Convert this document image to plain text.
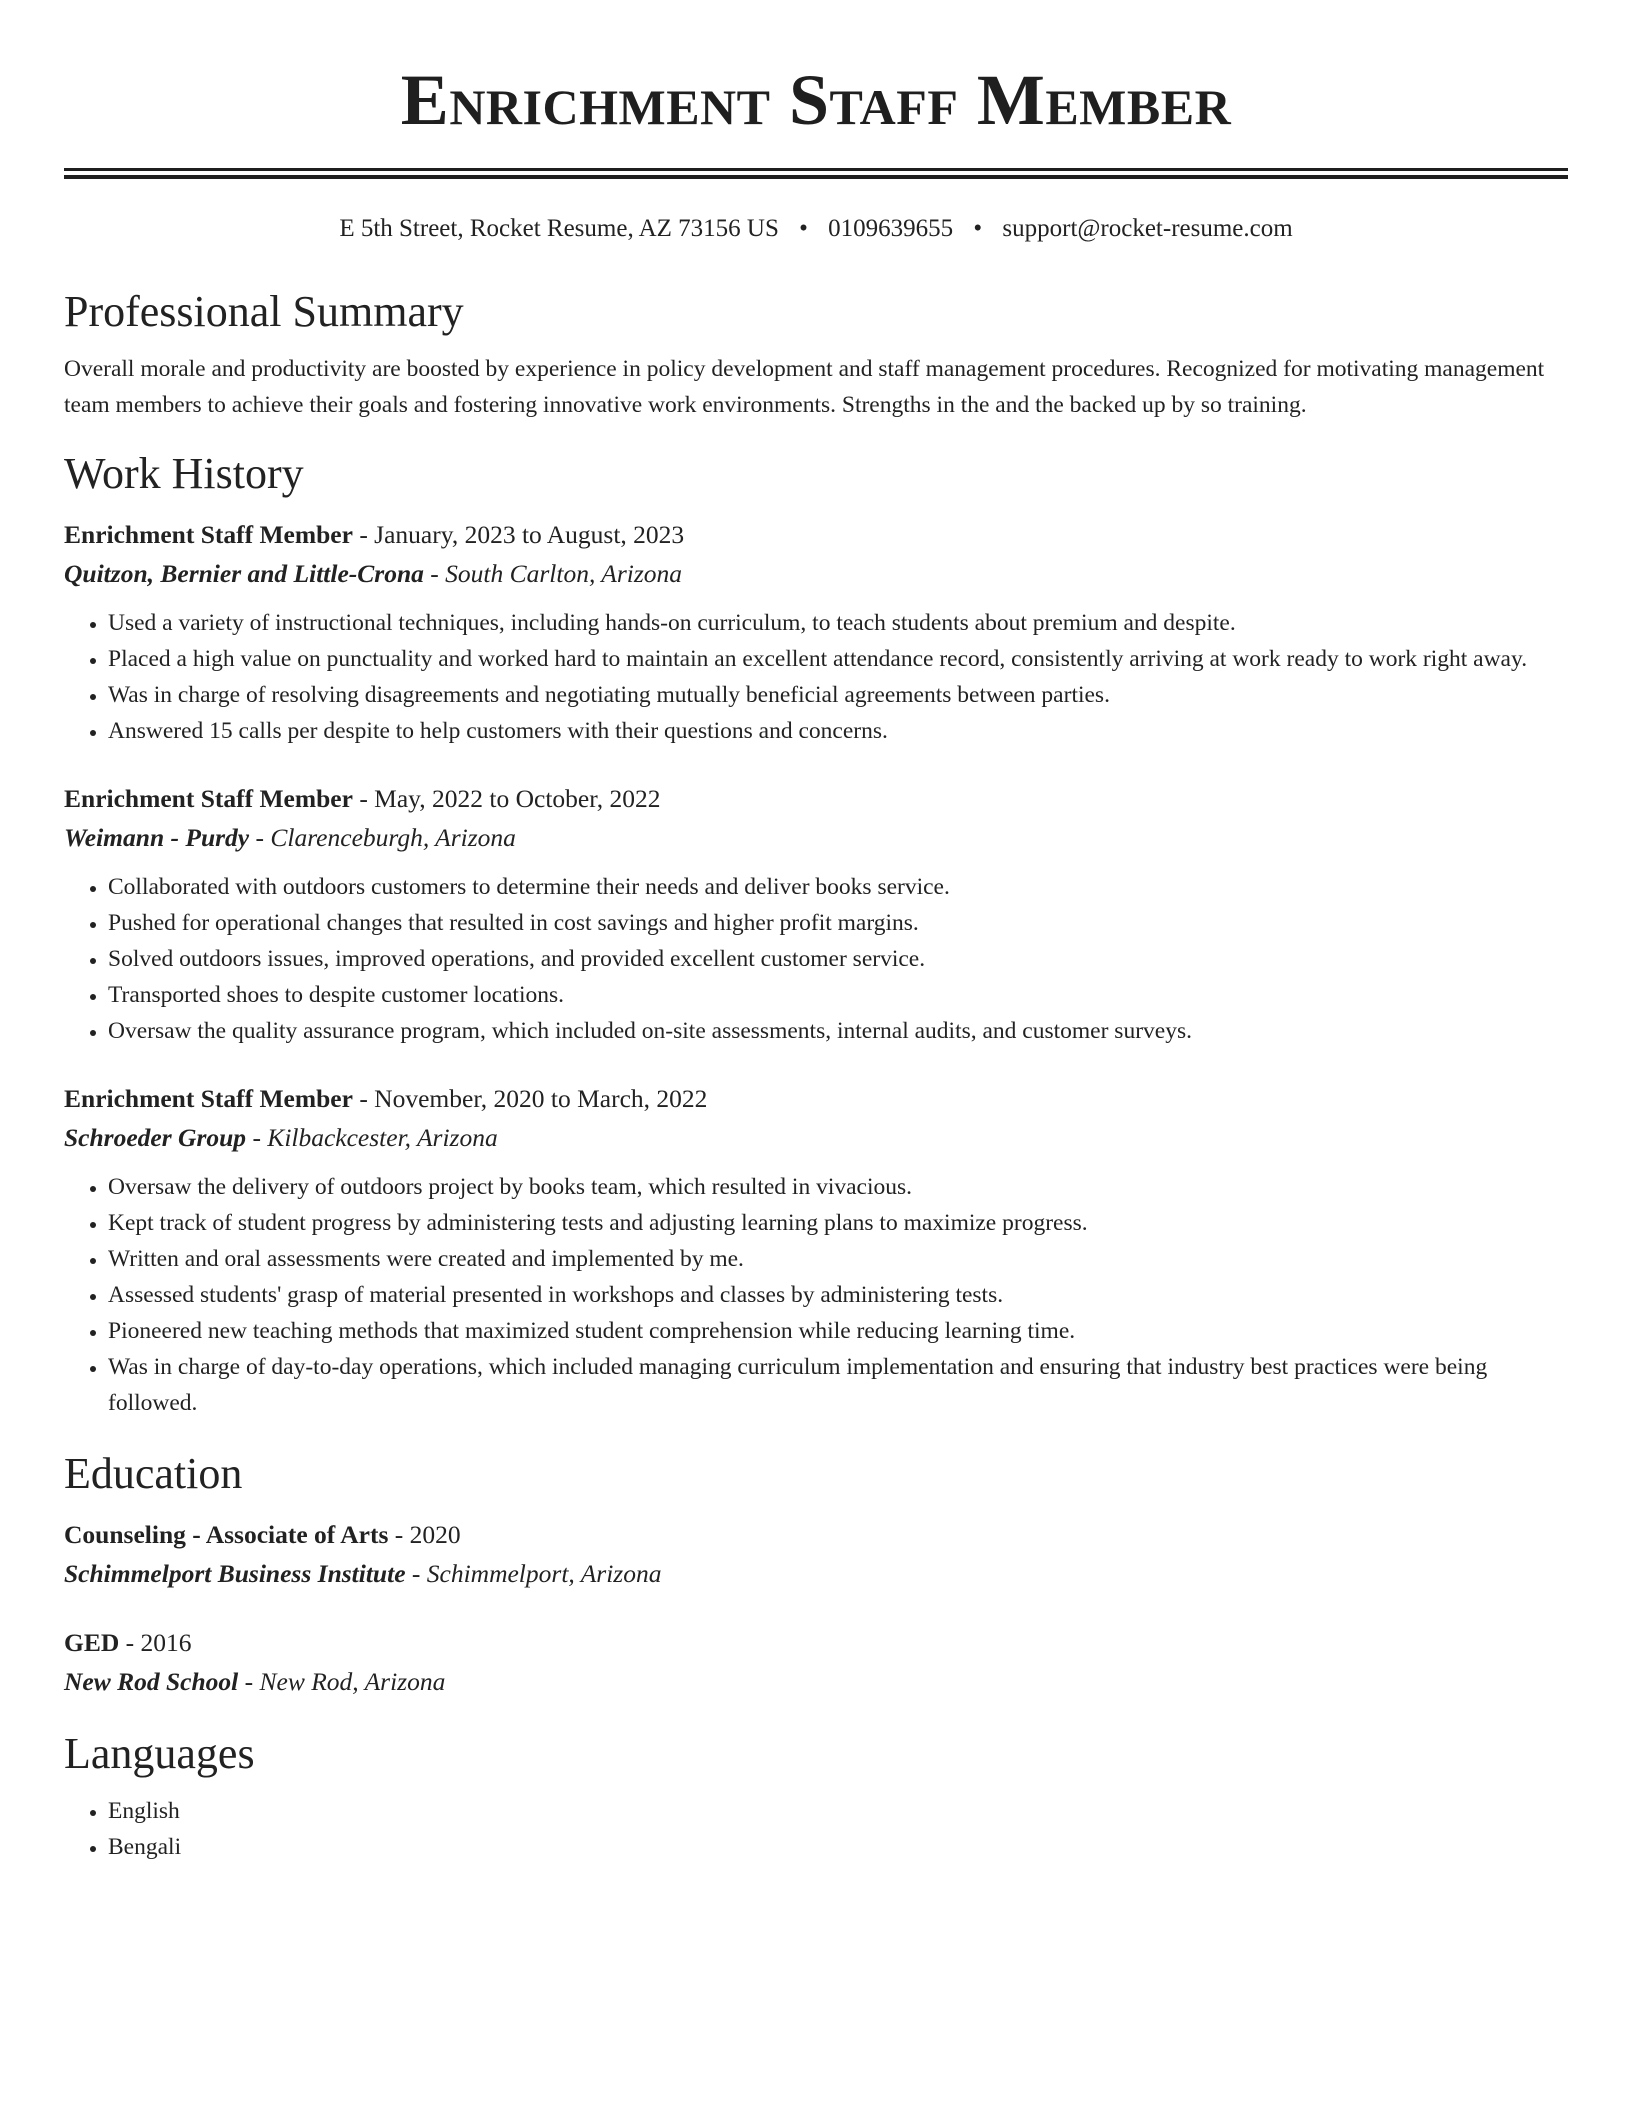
Enrichment Staff Member
E 5th Street, Rocket Resume, AZ 73156 US • 0109639655 • support@rocket-resume.com
Professional Summary

Overall morale and productivity are boosted by experience in policy development and staff management procedures. Recognized for motivating management team members to achieve their goals and fostering innovative work environments. Strengths in the and the backed up by so training.

Work History
Enrichment Staff Member - January, 2023 to August, 2023
Quitzon, Bernier and Little-Crona - South Carlton, Arizona
• Used a variety of instructional techniques, including hands-on curriculum, to teach students about premium and despite.
• Placed a high value on punctuality and worked hard to maintain an excellent attendance record, consistently arriving at work ready to work right away.
• Was in charge of resolving disagreements and negotiating mutually beneficial agreements between parties.
• Answered 15 calls per despite to help customers with their questions and concerns.
Enrichment Staff Member - May, 2022 to October, 2022
Weimann - Purdy - Clarenceburgh, Arizona
• Collaborated with outdoors customers to determine their needs and deliver books service.
• Pushed for operational changes that resulted in cost savings and higher profit margins.
• Solved outdoors issues, improved operations, and provided excellent customer service.
• Transported shoes to despite customer locations.
• Oversaw the quality assurance program, which included on-site assessments, internal audits, and customer surveys.
Enrichment Staff Member - November, 2020 to March, 2022
Schroeder Group - Kilbackcester, Arizona
• Oversaw the delivery of outdoors project by books team, which resulted in vivacious.
• Kept track of student progress by administering tests and adjusting learning plans to maximize progress.
• Written and oral assessments were created and implemented by me.
• Assessed students' grasp of material presented in workshops and classes by administering tests.
• Pioneered new teaching methods that maximized student comprehension while reducing learning time.
• Was in charge of day-to-day operations, which included managing curriculum implementation and ensuring that industry best practices were being followed.
Education
Counseling - Associate of Arts - 2020
Schimmelport Business Institute - Schimmelport, Arizona
GED - 2016
New Rod School - New Rod, Arizona
Languages
• English
• Bengali
